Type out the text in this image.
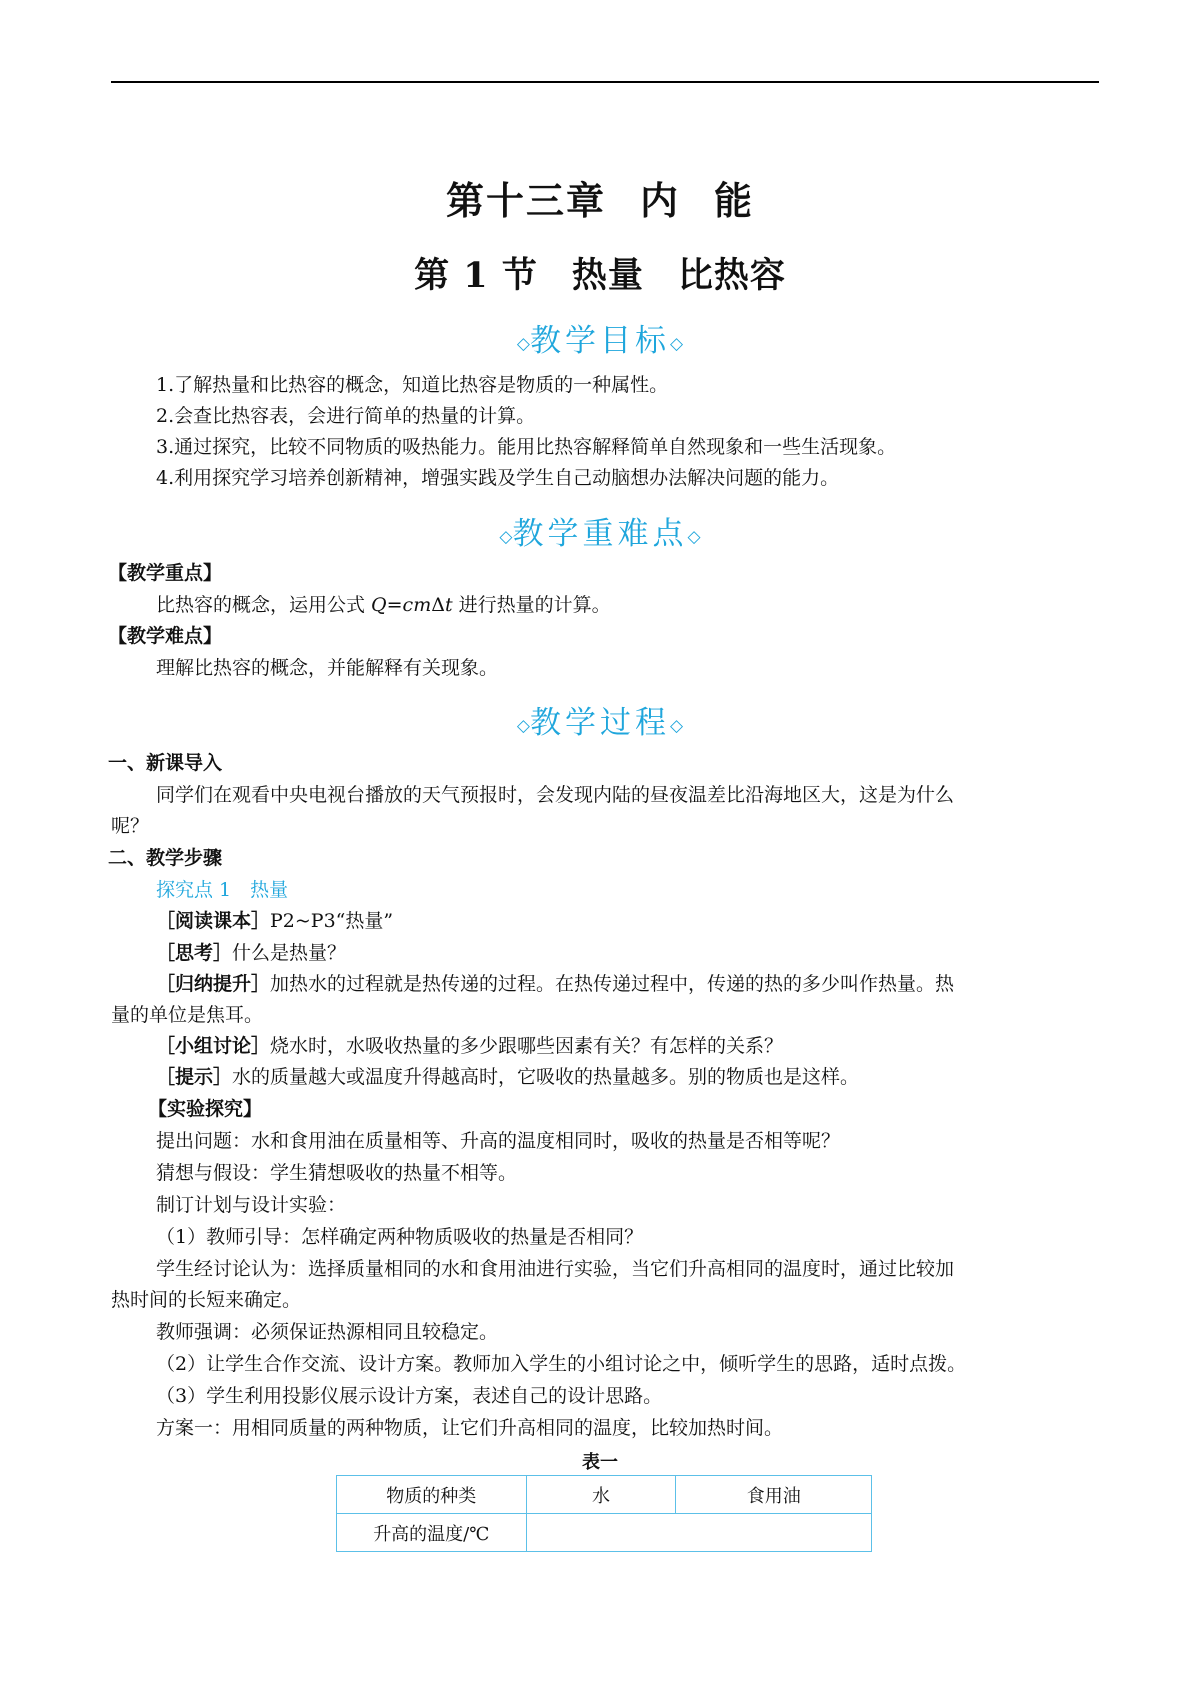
第十三章 内 能
第 1 节 热量 比热容
◇教学目标◇
1.了解热量和比热容的概念，知道比热容是物质的一种属性。
2.会查比热容表，会进行简单的热量的计算。
3.通过探究，比较不同物质的吸热能力。能用比热容解释简单自然现象和一些生活现象。
4.利用探究学习培养创新精神，增强实践及学生自己动脑想办法解决问题的能力。
◇教学重难点◇
【教学重点】
比热容的概念，运用公式 Q=cmΔt 进行热量的计算。
【教学难点】
理解比热容的概念，并能解释有关现象。
◇教学过程◇
一、新课导入
同学们在观看中央电视台播放的天气预报时，会发现内陆的昼夜温差比沿海地区大，这是为什么
呢？
二、教学步骤
探究点 1　热量
［阅读课本］P2~P3“热量”
［思考］什么是热量？
［归纳提升］加热水的过程就是热传递的过程。在热传递过程中，传递的热的多少叫作热量。热
量的单位是焦耳。
［小组讨论］烧水时，水吸收热量的多少跟哪些因素有关？有怎样的关系？
［提示］水的质量越大或温度升得越高时，它吸收的热量越多。别的物质也是这样。
【实验探究】
提出问题：水和食用油在质量相等、升高的温度相同时，吸收的热量是否相等呢？
猜想与假设：学生猜想吸收的热量不相等。
制订计划与设计实验：
（1）教师引导：怎样确定两种物质吸收的热量是否相同？
学生经讨论认为：选择质量相同的水和食用油进行实验，当它们升高相同的温度时，通过比较加
热时间的长短来确定。
教师强调：必须保证热源相同且较稳定。
（2）让学生合作交流、设计方案。教师加入学生的小组讨论之中，倾听学生的思路，适时点拨。
（3）学生利用投影仪展示设计方案，表述自己的设计思路。
方案一：用相同质量的两种物质，让它们升高相同的温度，比较加热时间。
表一
物质的种类	水	食用油
升高的温度/℃		
